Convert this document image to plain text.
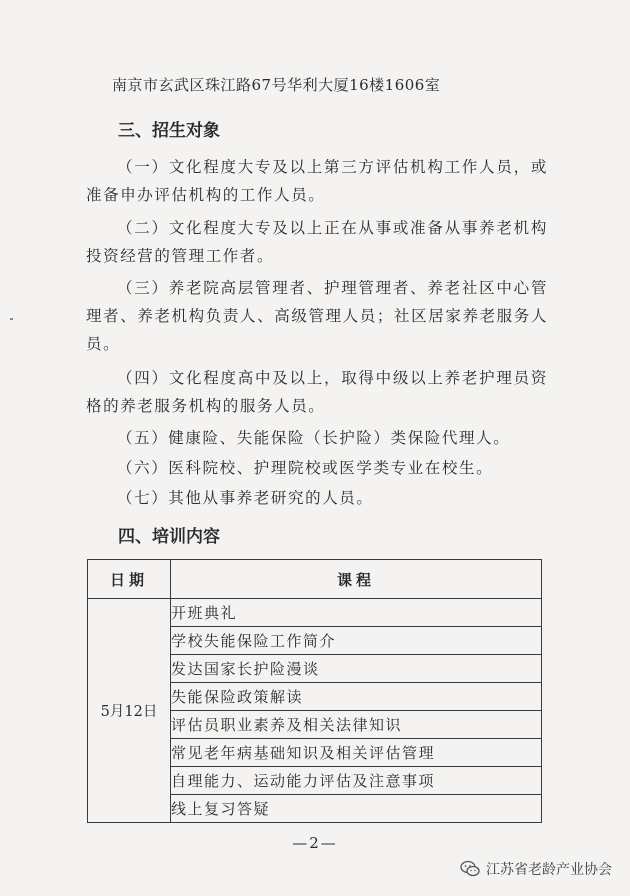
南京市玄武区珠江路67号华利大厦16楼1606室
三、招生对象
（一）文化程度大专及以上第三方评估机构工作人员，或准备申办评估机构的工作人员。
（二）文化程度大专及以上正在从事或准备从事养老机构投资经营的管理工作者。
（三）养老院高层管理者、护理管理者、养老社区中心管理者、养老机构负责人、高级管理人员；社区居家养老服务人员。
（四）文化程度高中及以上，取得中级以上养老护理员资格的养老服务机构的服务人员。
（五）健康险、失能保险（长护险）类保险代理人。
（六）医科院校、护理院校或医学类专业在校生。
（七）其他从事养老研究的人员。
四、培训内容
日期	课程
5月12日	开班典礼
	学校失能保险工作简介
	发达国家长护险漫谈
	失能保险政策解读
	评估员职业素养及相关法律知识
	常见老年病基础知识及相关评估管理
	自理能力、运动能力评估及注意事项
	线上复习答疑
—2—
江苏省老龄产业协会
